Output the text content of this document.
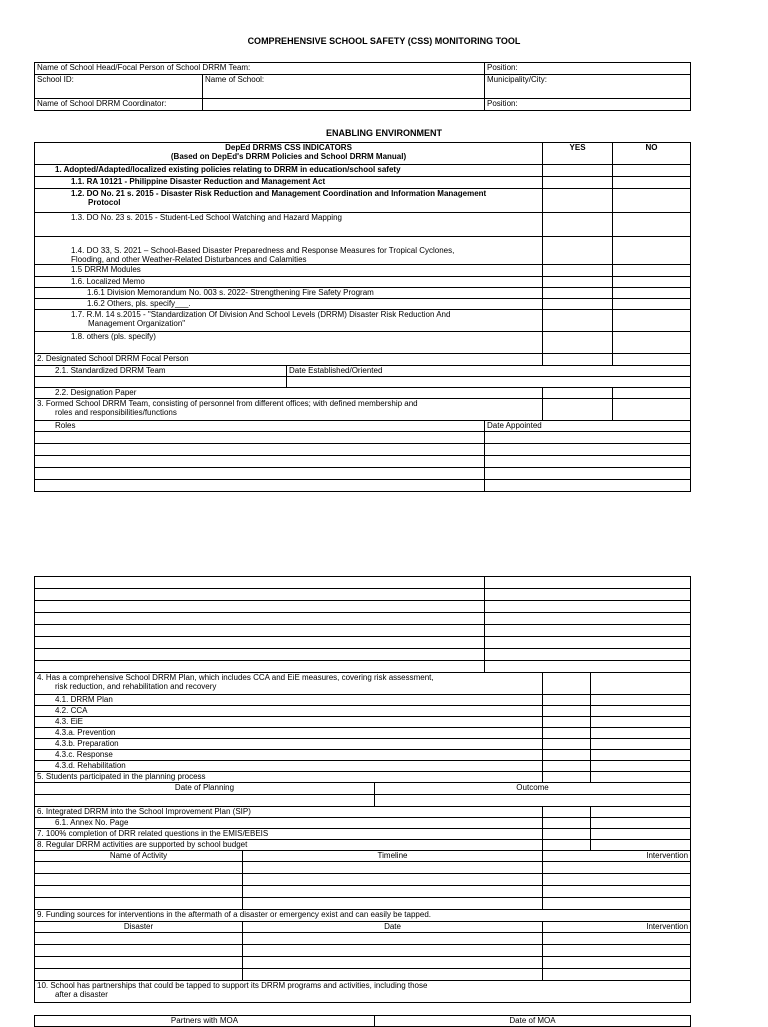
COMPREHENSIVE SCHOOL SAFETY (CSS) MONITORING TOOL
Name of School Head/Focal Person of School DRRM Team:		Position:
School ID:	Name of School:	Municipality/City:
Name of School DRRM Coordinator:		Position:
ENABLING ENVIRONMENT
DepEd DRRMS CSS INDICATORS
(Based on DepEd's DRRM Policies and School DRRM Manual)			YES	NO
1. Adopted/Adapted/localized existing policies relating to DRRM in education/school safety				
1.1. RA 10121 - Philippine Disaster Reduction and Management Act				

1.2. DO No. 21 s. 2015 - Disaster Risk Reduction and Management Coordination and Information Management
Protocol				

1.3. DO No. 23 s. 2015 - Student-Led School Watching and Hazard Mapping				

1.4. DO 33, S. 2021 – School-Based Disaster Preparedness and Response Measures for Tropical Cyclones,
Flooding, and other Weather-Related Disturbances and Calamities				

1.5 DRRM Modules				
1.6. Localized Memo				
1.6.1 Division Memorandum No. 003 s. 2022- Strengthening Fire Safety Program				
1.6.2 Others, pls. specify___.				

1.7. R.M. 14 s.2015 - "Standardization Of Division And School Levels (DRRM) Disaster Risk Reduction And
Management Organization"				

1.8. others (pls. specify)				
2. Designated School DRRM Focal Person				
2.1. Standardized DRRM Team	Date Established/Oriented			

2.2. Designation Paper				

3. Formed School DRRM Team, consisting of personnel from different offices; with defined membership and
roles and responsibilities/functions				

Roles		Date Appointed		

4. Has a comprehensive School DRRM Plan, which includes CCA and EiE measures, covering risk assessment,
risk reduction, and rehabilitation and recovery					

4.1. DRRM Plan					
4.2. CCA					
4.3. EiE					
4.3.a. Prevention					
4.3.b. Preparation					
4.3.c. Response					
4.3.d. Rehabilitation					
5. Students participated in the planning process					
Date of Planning		Outcome			

6. Integrated DRRM into the School Improvement Plan (SIP)					
6.1. Annex No. Page					
7. 100% completion of DRR related questions in the EMIS/EBEIS					
8. Regular DRRM activities are supported by school budget					
Name of Activity	Timeline			Intervention	

9. Funding sources for interventions in the aftermath of a disaster or emergency exist and can easily be tapped.					
Disaster	Date			Intervention	

10. School has partnerships that could be tapped to support its DRRM programs and activities, including those
after a disaster					
Partners with MOA	Date of MOA
